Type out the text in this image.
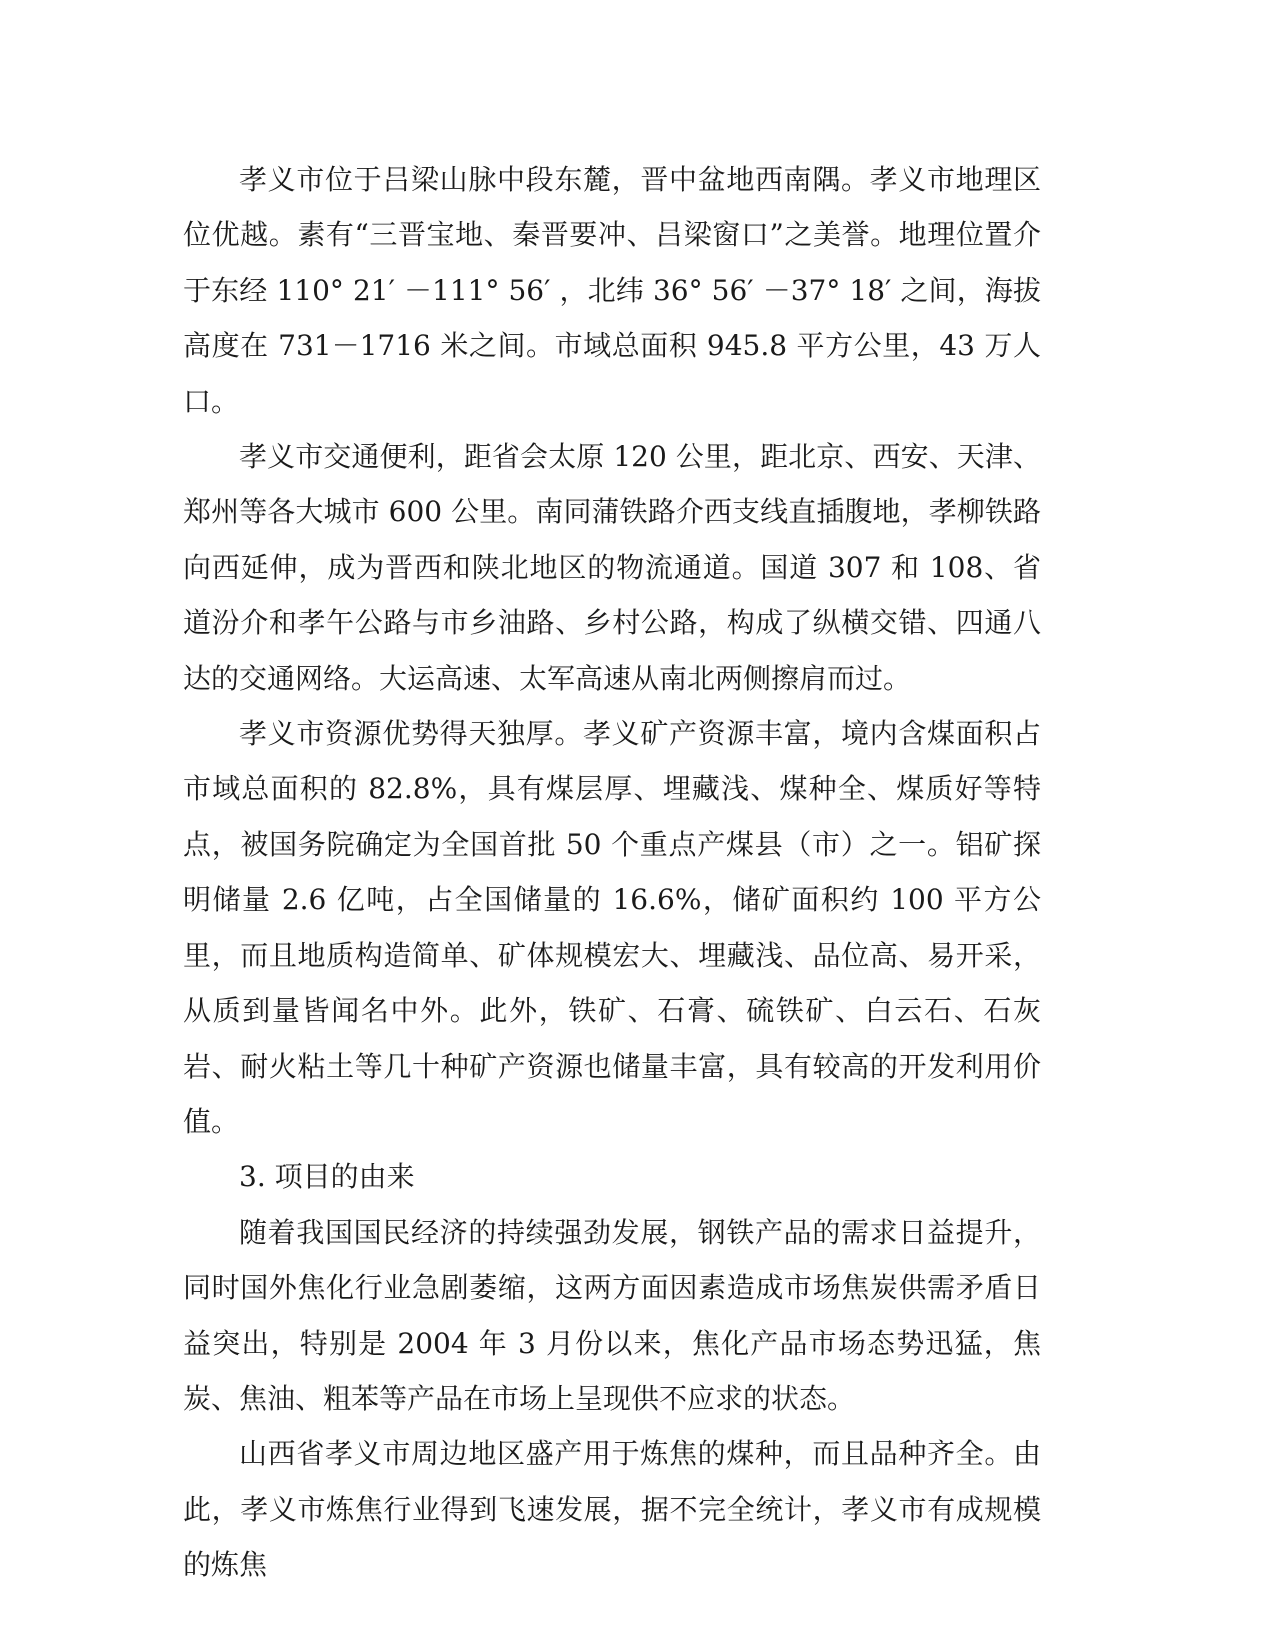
孝义市位于吕梁山脉中段东麓，晋中盆地西南隅。孝义市地理区位优越。素有“三晋宝地、秦晋要冲、吕梁窗口”之美誉。地理位置介于东经 110° 21′ －111° 56′ ，北纬 36° 56′ －37° 18′ 之间，海拔高度在 731－1716 米之间。市域总面积 945.8 平方公里，43 万人口。

孝义市交通便利，距省会太原 120 公里，距北京、西安、天津、郑州等各大城市 600 公里。南同蒲铁路介西支线直插腹地，孝柳铁路向西延伸，成为晋西和陕北地区的物流通道。国道 307 和 108、省道汾介和孝午公路与市乡油路、乡村公路，构成了纵横交错、四通八达的交通网络。大运高速、太军高速从南北两侧擦肩而过。

孝义市资源优势得天独厚。孝义矿产资源丰富，境内含煤面积占市域总面积的 82.8%，具有煤层厚、埋藏浅、煤种全、煤质好等特点，被国务院确定为全国首批 50 个重点产煤县（市）之一。铝矿探明储量 2.6 亿吨，占全国储量的 16.6%，储矿面积约 100 平方公里，而且地质构造简单、矿体规模宏大、埋藏浅、品位高、易开采，从质到量皆闻名中外。此外，铁矿、石膏、硫铁矿、白云石、石灰岩、耐火粘土等几十种矿产资源也储量丰富，具有较高的开发利用价值。

3. 项目的由来

随着我国国民经济的持续强劲发展，钢铁产品的需求日益提升，同时国外焦化行业急剧萎缩，这两方面因素造成市场焦炭供需矛盾日益突出，特别是 2004 年 3 月份以来，焦化产品市场态势迅猛，焦炭、焦油、粗苯等产品在市场上呈现供不应求的状态。

山西省孝义市周边地区盛产用于炼焦的煤种，而且品种齐全。由此，孝义市炼焦行业得到飞速发展，据不完全统计，孝义市有成规模的炼焦
